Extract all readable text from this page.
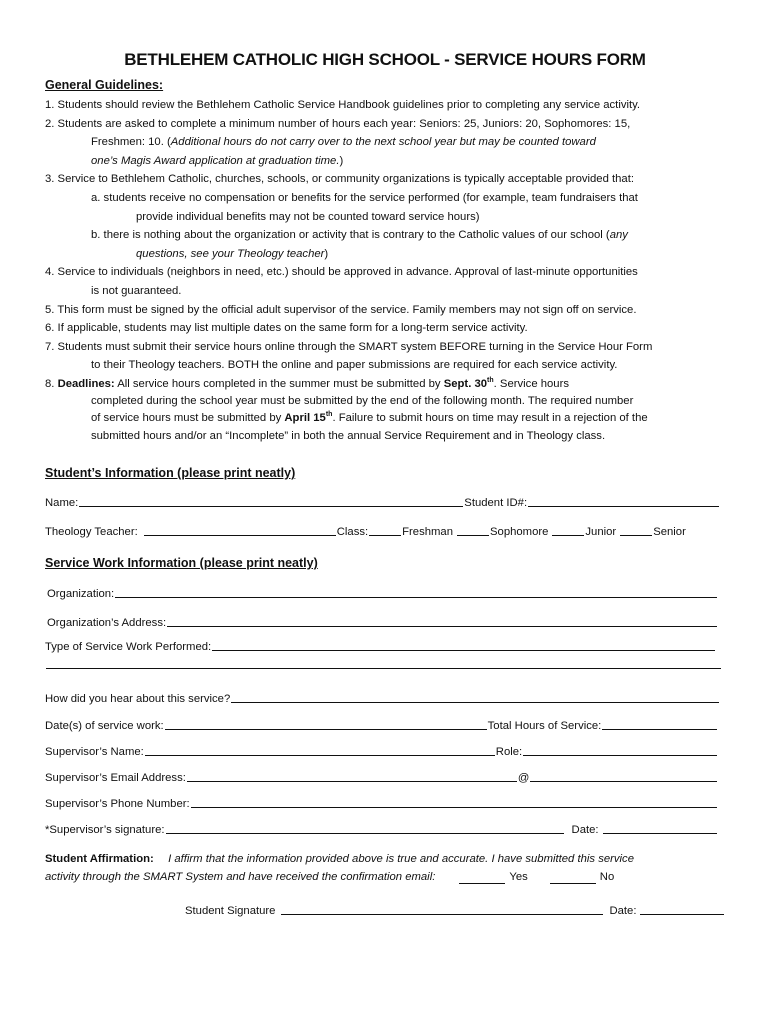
BETHLEHEM CATHOLIC HIGH SCHOOL - SERVICE HOURS FORM
General Guidelines:

1. Students should review the Bethlehem Catholic Service Handbook guidelines prior to completing any service activity.

2. Students are asked to complete a minimum number of hours each year: Seniors: 25, Juniors: 20, Sophomores: 15,

Freshmen: 10. (Additional hours do not carry over to the next school year but may be counted toward

one’s Magis Award application at graduation time.)

3. Service to Bethlehem Catholic, churches, schools, or community organizations is typically acceptable provided that:

a. students receive no compensation or benefits for the service performed (for example, team fundraisers that

provide individual benefits may not be counted toward service hours)

b. there is nothing about the organization or activity that is contrary to the Catholic values of our school (any

questions, see your Theology teacher)

4. Service to individuals (neighbors in need, etc.) should be approved in advance. Approval of last-minute opportunities

is not guaranteed.

5. This form must be signed by the official adult supervisor of the service. Family members may not sign off on service.

6. If applicable, students may list multiple dates on the same form for a long-term service activity.

7. Students must submit their service hours online through the SMART system BEFORE turning in the Service Hour Form

to their Theology teachers. BOTH the online and paper submissions are required for each service activity.

8. Deadlines: All service hours completed in the summer must be submitted by Sept. 30th. Service hours

completed during the school year must be submitted by the end of the following month. The required number

of service hours must be submitted by April 15th. Failure to submit hours on time may result in a rejection of the

submitted hours and/or an “Incomplete” in both the annual Service Requirement and in Theology class.

Student’s Information (please print neatly)
Name:	Student ID#:
Theology Teacher:	Class:	Freshman	Sophomore	Junior	Senior
Service Work Information (please print neatly)
Organization:
Organization’s Address:
Type of Service Work Performed:
How did you hear about this service?
Date(s) of service work:	Total Hours of Service:
Supervisor’s Name:	Role:
Supervisor’s Email Address:	@
Supervisor’s Phone Number:
*Supervisor’s signature:	Date:
Student Affirmation: I affirm that the information provided above is true and accurate. I have submitted this service
activity through the SMART System and have received the confirmation email:	Yes	No
Student Signature	Date:
